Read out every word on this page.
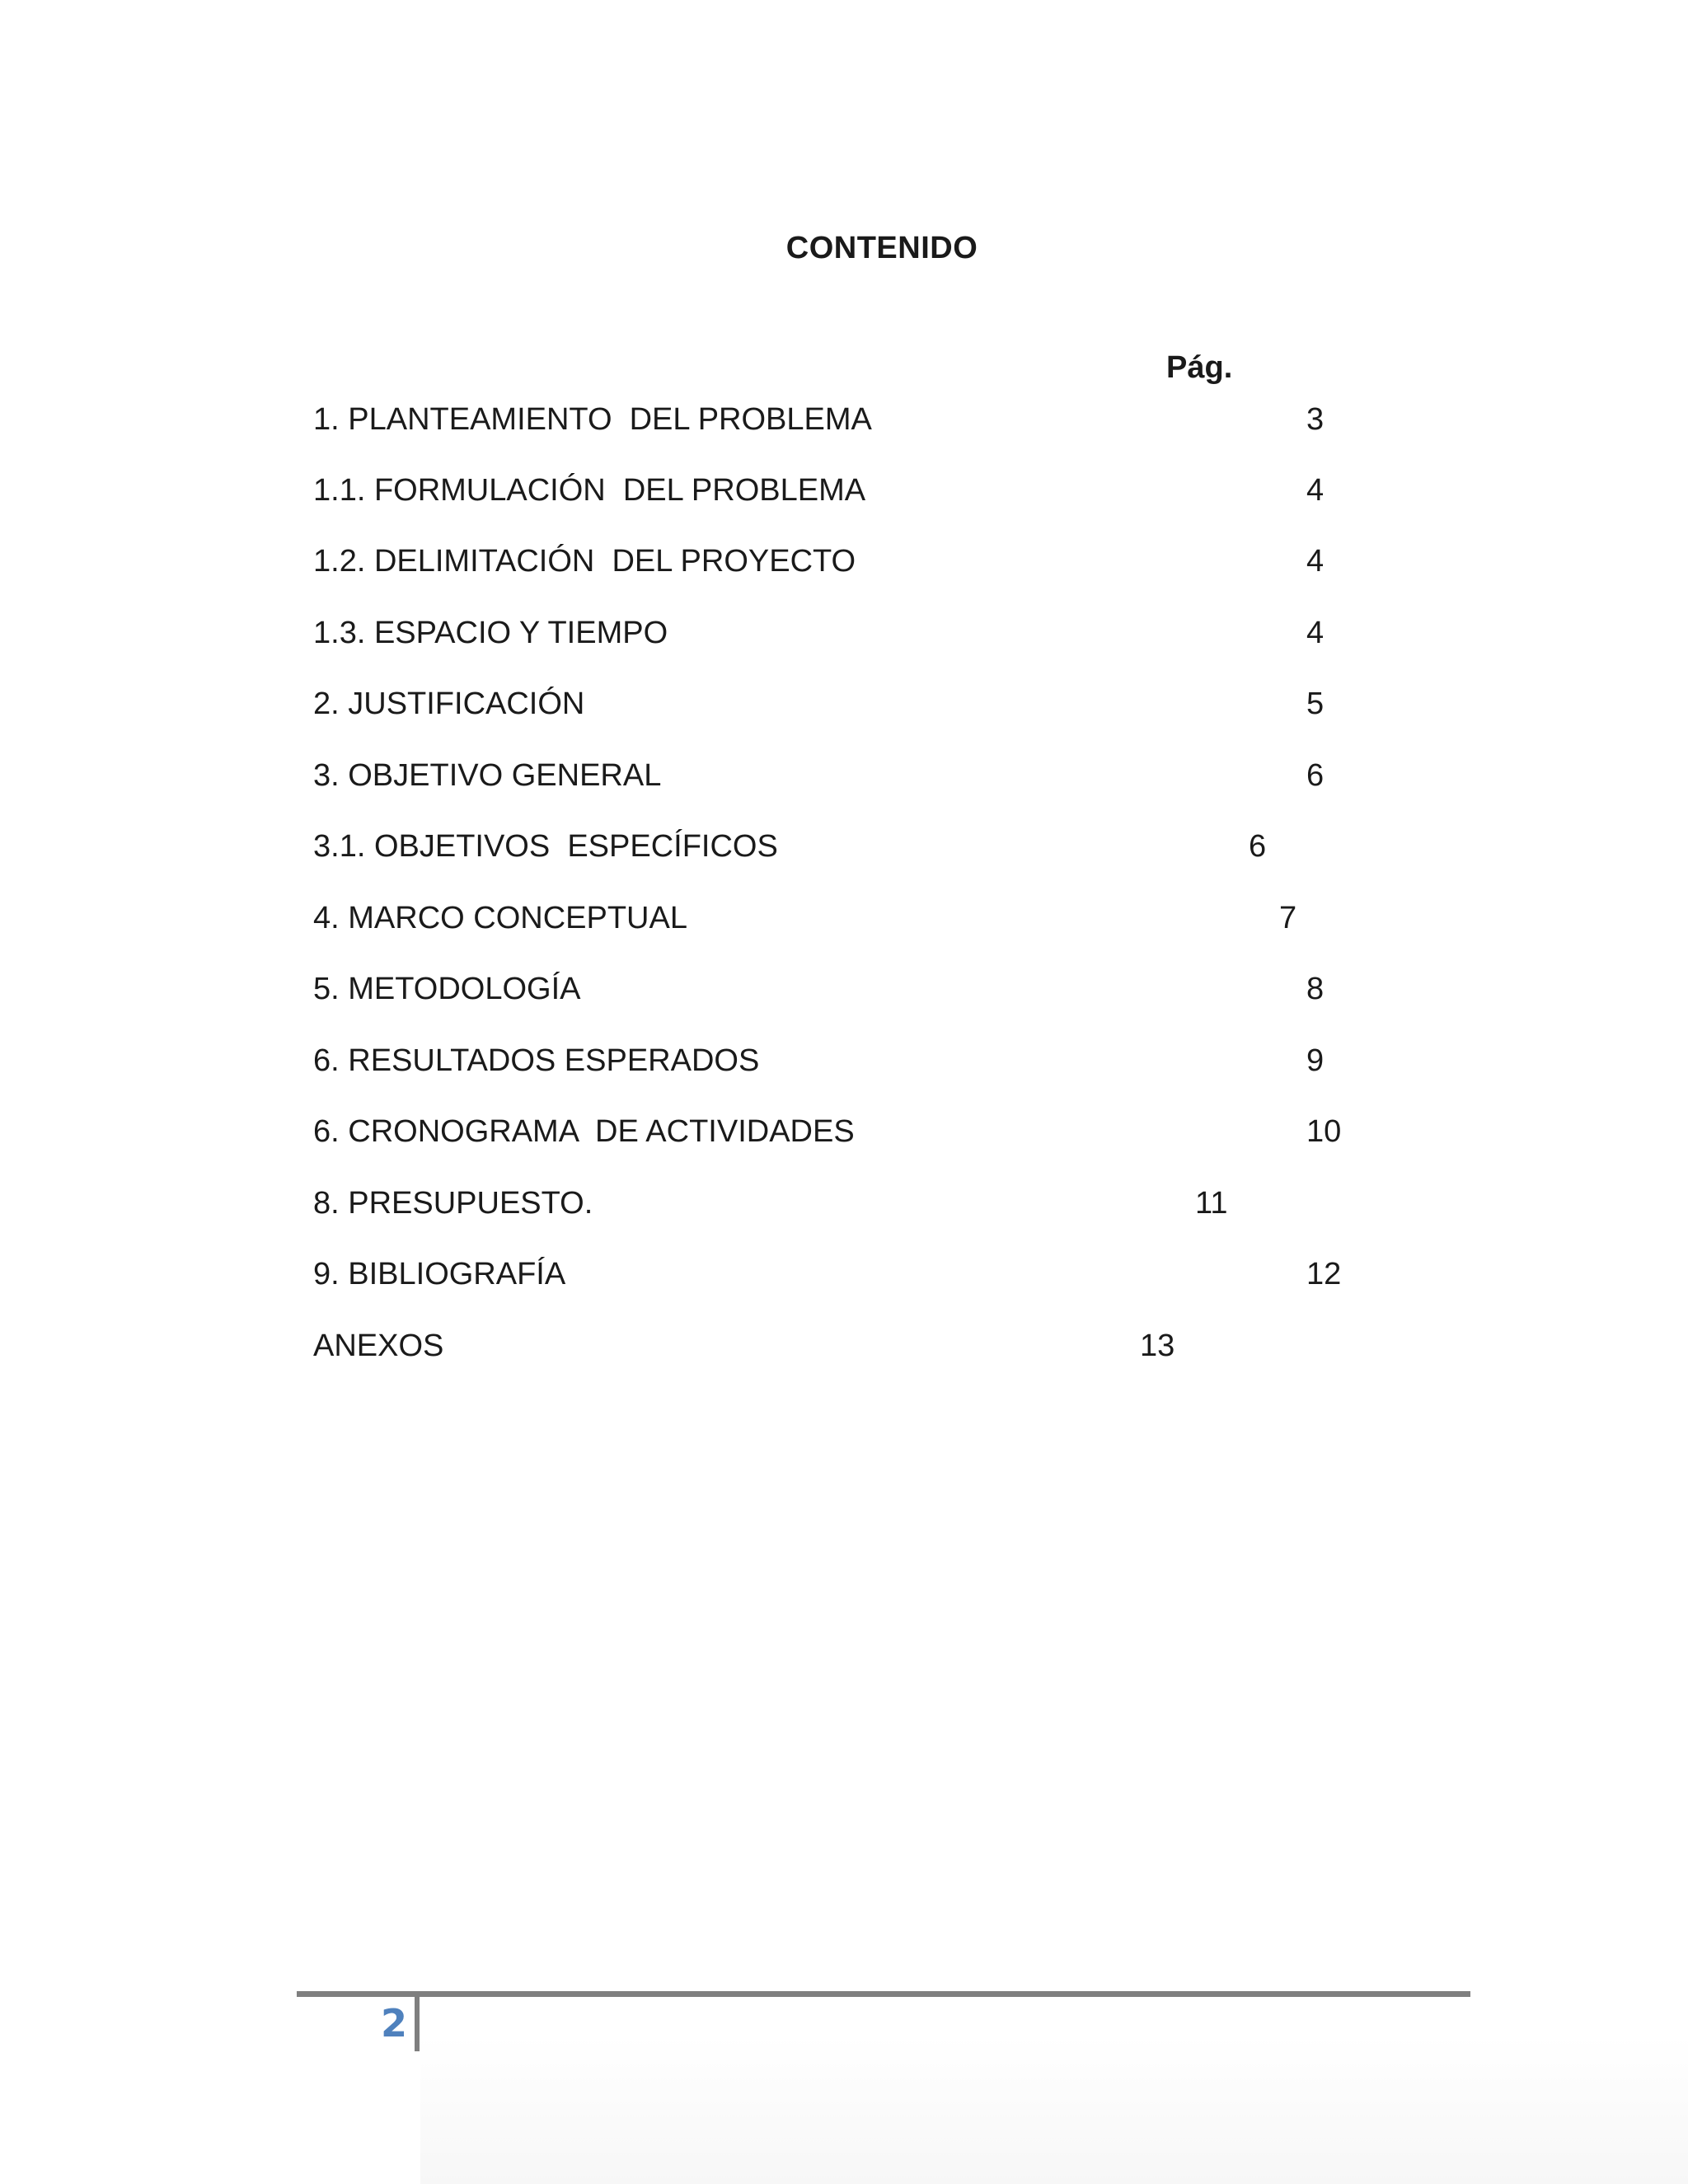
CONTENIDO
Pág.
1. PLANTEAMIENTO  DEL PROBLEMA	3
1.1. FORMULACIÓN  DEL PROBLEMA	4
1.2. DELIMITACIÓN  DEL PROYECTO	4
1.3. ESPACIO Y TIEMPO	4
2. JUSTIFICACIÓN	5
3. OBJETIVO GENERAL	6
3.1. OBJETIVOS  ESPECÍFICOS	6
4. MARCO CONCEPTUAL	7
5. METODOLOGÍA	8
6. RESULTADOS ESPERADOS	9
6. CRONOGRAMA  DE ACTIVIDADES	10
8. PRESUPUESTO.	11
9. BIBLIOGRAFÍA	12
ANEXOS	13
2
